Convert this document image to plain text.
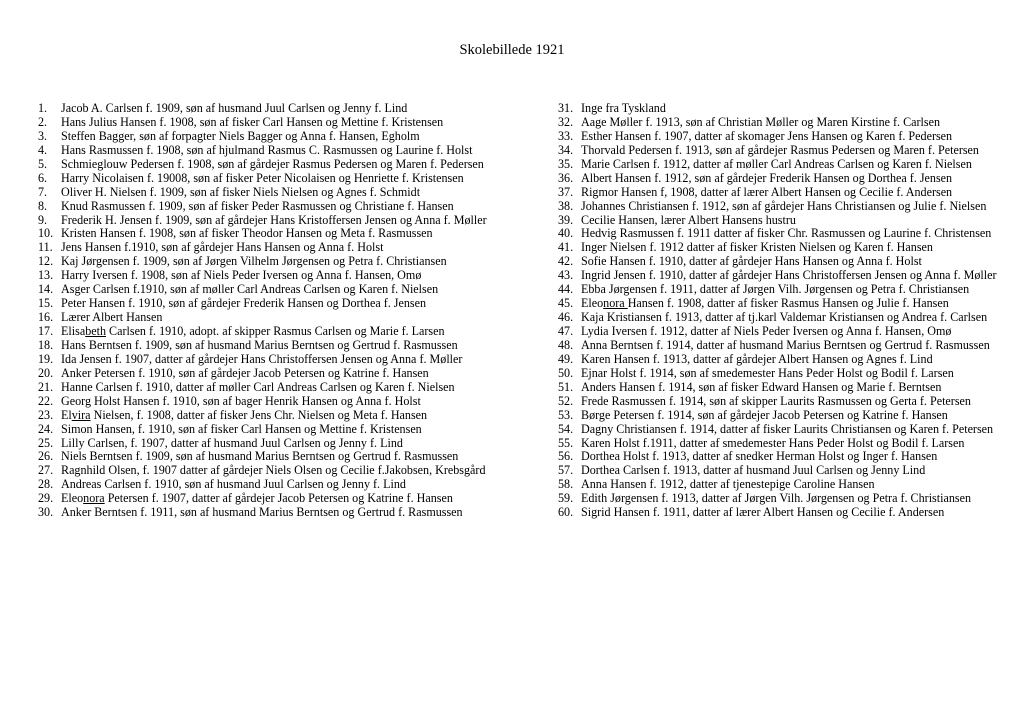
Skolebillede 1921
1. Jacob A. Carlsen f. 1909, søn af husmand Juul Carlsen og Jenny f. Lind
2. Hans Julius Hansen f. 1908, søn af fisker Carl Hansen og Mettine f. Kristensen
3. Steffen Bagger, søn af forpagter Niels Bagger og Anna f. Hansen, Egholm
4. Hans Rasmussen f. 1908, søn af hjulmand Rasmus C. Rasmussen og Laurine f. Holst
5. Schmieglouw Pedersen f. 1908, søn af gårdejer Rasmus Pedersen og Maren f. Pedersen
6. Harry Nicolaisen f. 19008, søn af fisker Peter Nicolaisen og Henriette f. Kristensen
7. Oliver H. Nielsen f. 1909, søn af fisker Niels Nielsen og Agnes f. Schmidt
8. Knud Rasmussen f. 1909, søn af fisker Peder Rasmussen og Christiane f. Hansen
9. Frederik H. Jensen f. 1909, søn af gårdejer Hans Kristoffersen Jensen og Anna f. Møller
10. Kristen Hansen f. 1908, søn af fisker Theodor Hansen og Meta f. Rasmussen
11. Jens Hansen f.1910, søn af gårdejer Hans Hansen og Anna f. Holst
12. Kaj Jørgensen f. 1909, søn af Jørgen Vilhelm Jørgensen og Petra f. Christiansen
13. Harry Iversen f. 1908, søn af Niels Peder Iversen og Anna f. Hansen, Omø
14. Asger Carlsen f.1910, søn af møller Carl Andreas Carlsen og Karen f. Nielsen
15. Peter Hansen f. 1910, søn af gårdejer Frederik Hansen og Dorthea f. Jensen
16. Lærer Albert Hansen
17. Elisabeth Carlsen f. 1910, adopt. af skipper Rasmus Carlsen og Marie f. Larsen
18. Hans Berntsen f. 1909, søn af husmand Marius Berntsen og Gertrud f. Rasmussen
19. Ida Jensen f. 1907, datter af gårdejer Hans Christoffersen Jensen og Anna f. Møller
20. Anker Petersen f. 1910, søn af gårdejer Jacob Petersen og Katrine f. Hansen
21. Hanne Carlsen f. 1910, datter af møller Carl Andreas Carlsen og Karen f. Nielsen
22. Georg Holst Hansen f. 1910, søn af bager Henrik Hansen og Anna f. Holst
23. Elvira Nielsen, f. 1908, datter af fisker Jens Chr. Nielsen og Meta f. Hansen
24. Simon Hansen, f. 1910, søn af fisker Carl Hansen og Mettine f. Kristensen
25. Lilly Carlsen, f. 1907, datter af husmand Juul Carlsen og Jenny f. Lind
26. Niels Berntsen f. 1909, søn af husmand Marius Berntsen og Gertrud f. Rasmussen
27. Ragnhild Olsen, f. 1907 datter af gårdejer Niels Olsen og Cecilie f.Jakobsen, Krebsgård
28. Andreas Carlsen f. 1910, søn af husmand Juul Carlsen og Jenny f. Lind
29. Eleonora Petersen f. 1907, datter af gårdejer Jacob Petersen og Katrine f. Hansen
30. Anker Berntsen f. 1911, søn af husmand Marius Berntsen og Gertrud f. Rasmussen
31. Inge fra Tyskland
32. Aage Møller f. 1913, søn af Christian Møller og Maren Kirstine f. Carlsen
33. Esther Hansen f. 1907, datter af skomager Jens Hansen og Karen f. Pedersen
34. Thorvald Pedersen f. 1913, søn af gårdejer Rasmus Pedersen og Maren f. Petersen
35. Marie Carlsen f. 1912, datter af møller Carl Andreas Carlsen og Karen f. Nielsen
36. Albert Hansen f. 1912, søn af gårdejer Frederik Hansen og Dorthea f. Jensen
37. Rigmor Hansen f, 1908, datter af lærer Albert Hansen og Cecilie f. Andersen
38. Johannes Christiansen f. 1912, søn af gårdejer Hans Christiansen og Julie f. Nielsen
39. Cecilie Hansen, lærer Albert Hansens hustru
40. Hedvig Rasmussen f. 1911 datter af fisker Chr. Rasmussen og Laurine f. Christensen
41. Inger Nielsen f. 1912 datter af fisker Kristen Nielsen og Karen f. Hansen
42. Sofie Hansen f. 1910, datter af gårdejer Hans Hansen og Anna f. Holst
43. Ingrid Jensen f. 1910, datter af gårdejer Hans Christoffersen Jensen og Anna f. Møller
44. Ebba Jørgensen f. 1911, datter af Jørgen Vilh. Jørgensen og Petra f. Christiansen
45. Eleonora Hansen f. 1908, datter af fisker Rasmus Hansen og Julie f. Hansen
46. Kaja Kristiansen f. 1913, datter af tj.karl Valdemar Kristiansen og Andrea f. Carlsen
47. Lydia Iversen f. 1912, datter af Niels Peder Iversen og Anna f. Hansen, Omø
48. Anna Berntsen f. 1914, datter af husmand Marius Berntsen og Gertrud f. Rasmussen
49. Karen Hansen f. 1913, datter af gårdejer Albert Hansen og Agnes f. Lind
50. Ejnar Holst f. 1914, søn af smedemester Hans Peder Holst og Bodil f. Larsen
51. Anders Hansen f. 1914, søn af fisker Edward Hansen og Marie f. Berntsen
52. Frede Rasmussen f. 1914, søn af skipper Laurits Rasmussen og Gerta f. Petersen
53. Børge Petersen f. 1914, søn af gårdejer Jacob Petersen og Katrine f. Hansen
54. Dagny Christiansen f. 1914, datter af fisker Laurits Christiansen og Karen f. Petersen
55. Karen Holst f.1911, datter af smedemester Hans Peder Holst og Bodil f. Larsen
56. Dorthea Holst f. 1913, datter af snedker Herman Holst og Inger f. Hansen
57. Dorthea Carlsen f. 1913, datter af husmand Juul Carlsen og Jenny Lind
58. Anna Hansen f. 1912, datter af tjenestepige Caroline Hansen
59. Edith Jørgensen f. 1913, datter af Jørgen Vilh. Jørgensen og Petra f. Christiansen
60. Sigrid Hansen f. 1911, datter af lærer Albert Hansen og Cecilie f. Andersen
